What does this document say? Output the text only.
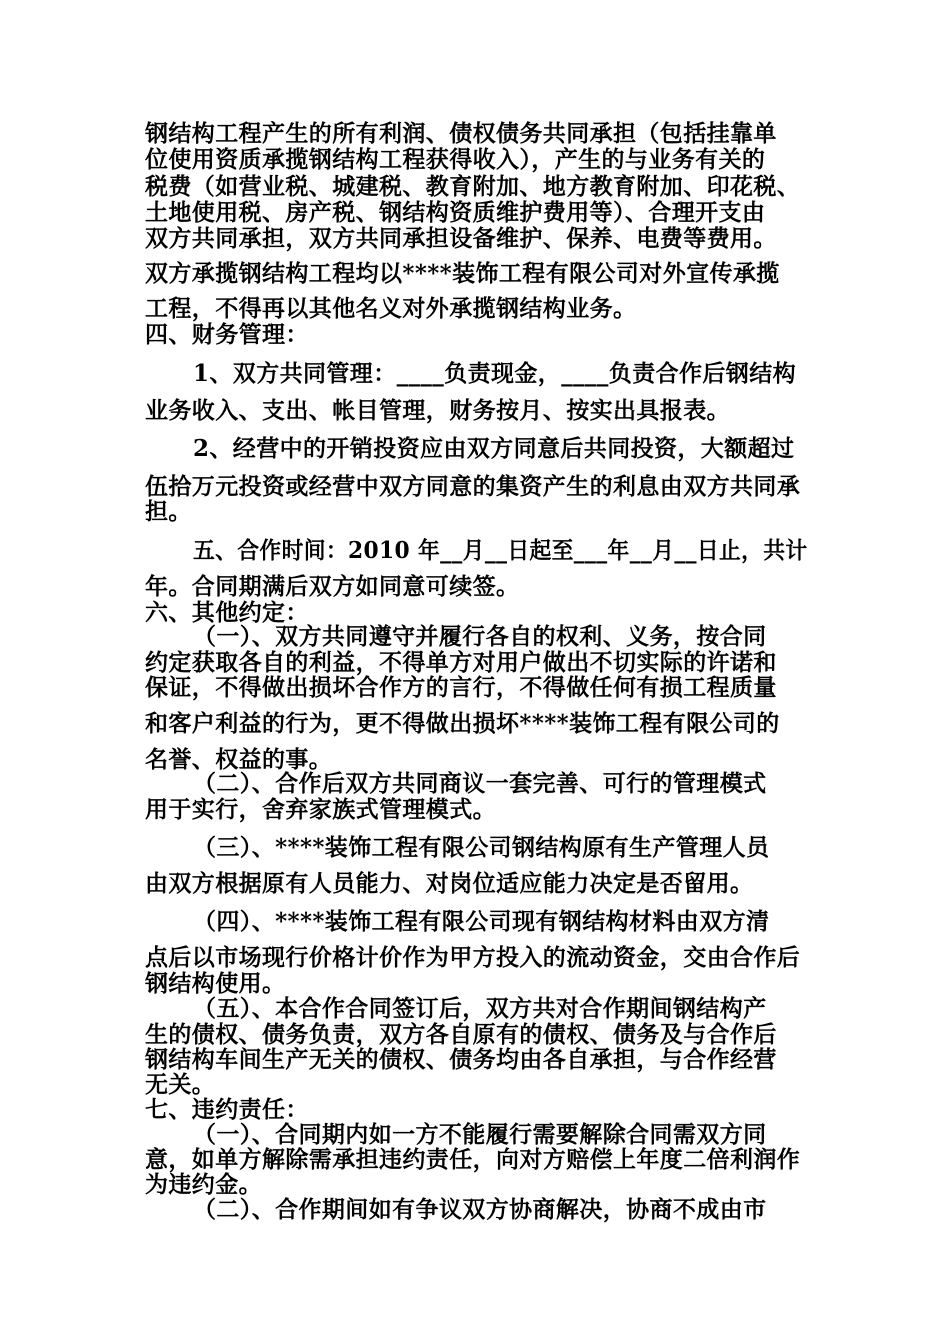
钢结构工程产生的所有利润、债权债务共同承担（包括挂靠单
位使用资质承揽钢结构工程获得收入），产生的与业务有关的
税费（如营业税、城建税、教育附加、地方教育附加、印花税、
土地使用税、房产税、钢结构资质维护费用等）、合理开支由
双方共同承担，双方共同承担设备维护、保养、电费等费用。
双方承揽钢结构工程均以****装饰工程有限公司对外宣传承揽
工程，不得再以其他名义对外承揽钢结构业务。
四、财务管理：
1、双方共同管理：____负责现金，____负责合作后钢结构
业务收入、支出、帐目管理，财务按月、按实出具报表。
2、经营中的开销投资应由双方同意后共同投资，大额超过
伍拾万元投资或经营中双方同意的集资产生的利息由双方共同承
担。
五、合作时间：2010 年__月__日起至___年__月__日止，共计
年。合同期满后双方如同意可续签。
六、其他约定：
（一）、双方共同遵守并履行各自的权利、义务，按合同
约定获取各自的利益，不得单方对用户做出不切实际的许诺和
保证，不得做出损坏合作方的言行，不得做任何有损工程质量
和客户利益的行为，更不得做出损坏****装饰工程有限公司的
名誉、权益的事。
（二）、合作后双方共同商议一套完善、可行的管理模式
用于实行，舍弃家族式管理模式。
（三）、****装饰工程有限公司钢结构原有生产管理人员
由双方根据原有人员能力、对岗位适应能力决定是否留用。
（四）、****装饰工程有限公司现有钢结构材料由双方清
点后以市场现行价格计价作为甲方投入的流动资金，交由合作后
钢结构使用。
（五）、本合作合同签订后，双方共对合作期间钢结构产
生的债权、债务负责，双方各自原有的债权、债务及与合作后
钢结构车间生产无关的债权、债务均由各自承担，与合作经营
无关。
七、违约责任：
（一）、合同期内如一方不能履行需要解除合同需双方同
意，如单方解除需承担违约责任，向对方赔偿上年度二倍利润作
为违约金。
（二）、合作期间如有争议双方协商解决，协商不成由市
